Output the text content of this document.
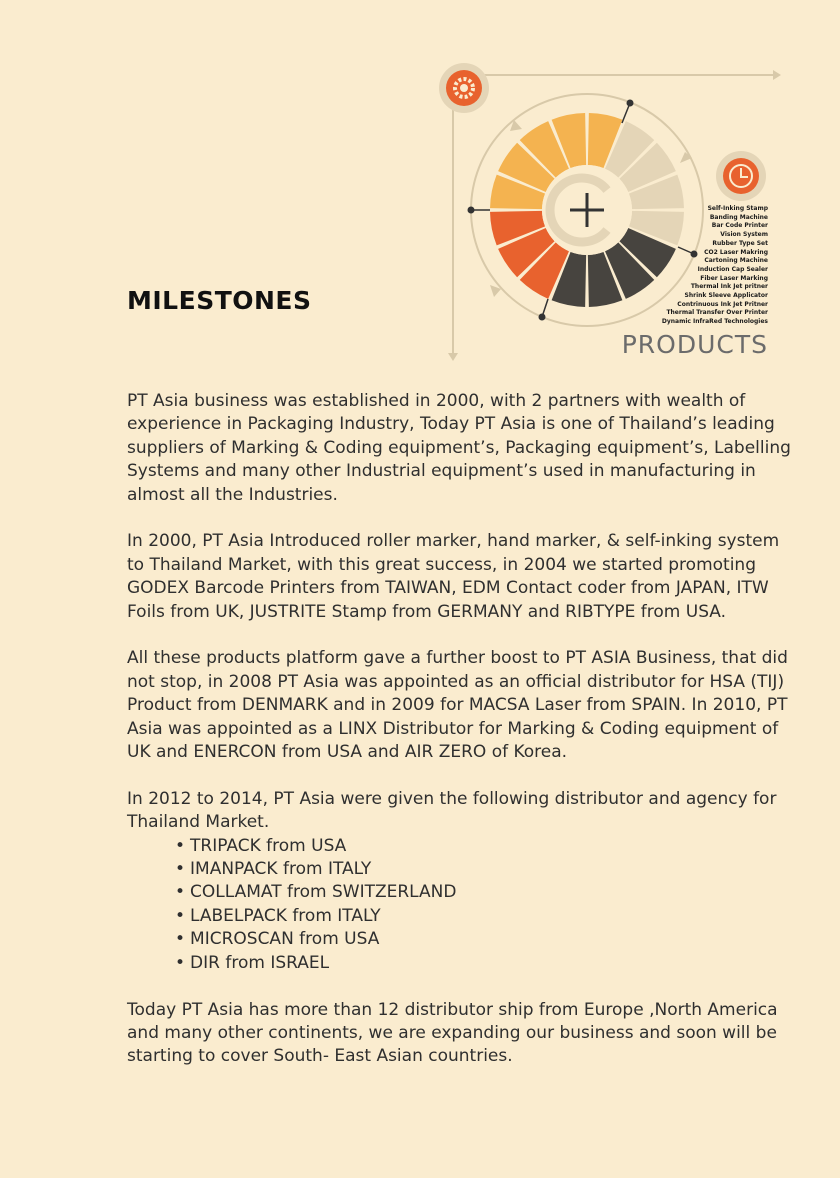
MILESTONES
Self-Inking Stamp
Banding Machine
Bar Code Printer
Vision System
Rubber Type Set
CO2 Laser Makring
Cartoning Machine
Induction Cap Sealer
Fiber Laser Marking
Thermal Ink Jet pritner
Shrink Sleeve Applicator
Contrinuous Ink Jet Pritner
Thermal Transfer Over Printer
Dynamic InfraRed Technologies
PRODUCTS

PT Asia business was established in 2000, with 2 partners with wealth of experience in Packaging Industry, Today PT Asia is one of Thailand’s leading suppliers of Marking & Coding equipment’s, Packaging equipment’s, Labelling Systems and many other Industrial equipment’s used in manufacturing in almost all the Industries.

In 2000, PT Asia Introduced roller marker, hand marker, & self-inking system to Thailand Market, with this great success, in 2004 we started promoting GODEX Barcode Printers from TAIWAN, EDM Contact coder from JAPAN, ITW Foils from UK, JUSTRITE Stamp from GERMANY and RIBTYPE from USA.

All these products platform gave a further boost to PT ASIA Business, that did not stop, in 2008 PT Asia was appointed as an official distributor for HSA (TIJ) Product from DENMARK and in 2009 for MACSA Laser from SPAIN. In 2010, PT Asia was appointed as a LINX Distributor for Marking & Coding equipment of UK and ENERCON from USA and AIR ZERO of Korea.

In 2012 to 2014, PT Asia were given the following distributor and agency for Thailand Market.

• TRIPACK from USA
• IMANPACK from ITALY
• COLLAMAT from SWITZERLAND
• LABELPACK from ITALY
• MICROSCAN from USA
• DIR from ISRAEL

Today PT Asia has more than 12 distributor ship from Europe ,North America and many other continents, we are expanding our business and soon will be starting to cover South- East Asian countries.
